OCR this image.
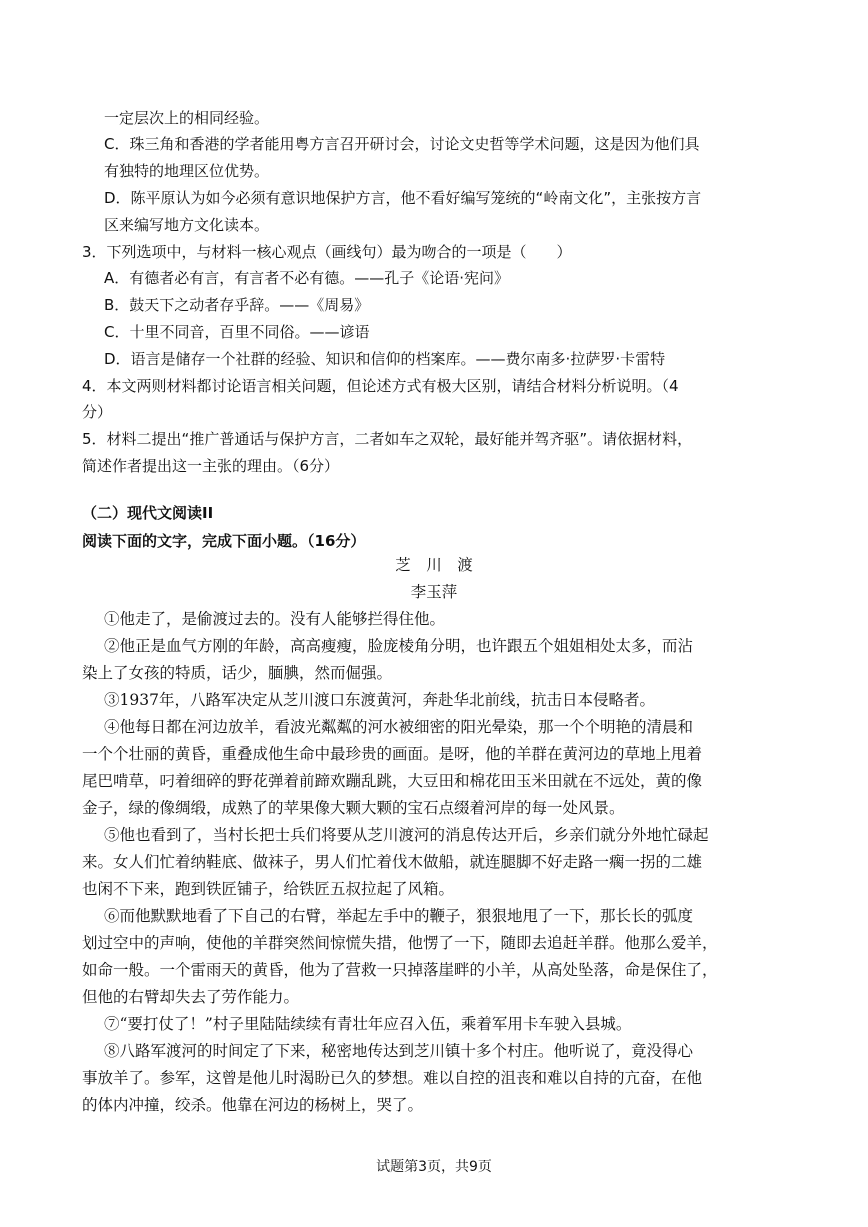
一定层次上的相同经验。
C．珠三角和香港的学者能用粤方言召开研讨会，讨论文史哲等学术问题，这是因为他们具
有独特的地理区位优势。
D．陈平原认为如今必须有意识地保护方言，他不看好编写笼统的“岭南文化”，主张按方言
区来编写地方文化读本。
3．下列选项中，与材料一核心观点（画线句）最为吻合的一项是（　　）
A．有德者必有言，有言者不必有德。——孔子《论语·宪问》
B．鼓天下之动者存乎辞。——《周易》
C．十里不同音，百里不同俗。——谚语
D．语言是储存一个社群的经验、知识和信仰的档案库。——费尔南多·拉萨罗·卡雷特
4．本文两则材料都讨论语言相关问题，但论述方式有极大区别，请结合材料分析说明。（4
分）
5．材料二提出“推广普通话与保护方言，二者如车之双轮，最好能并驾齐驱”。请依据材料，
简述作者提出这一主张的理由。（6分）
（二）现代文阅读II
阅读下面的文字，完成下面小题。（16分）
芝　川　渡
李玉萍
①他走了，是偷渡过去的。没有人能够拦得住他。
②他正是血气方刚的年龄，高高瘦瘦，脸庞棱角分明，也许跟五个姐姐相处太多，而沾
染上了女孩的特质，话少，腼腆，然而倔强。
③1937年，八路军决定从芝川渡口东渡黄河，奔赴华北前线，抗击日本侵略者。
④他每日都在河边放羊，看波光粼粼的河水被细密的阳光晕染，那一个个明艳的清晨和
一个个壮丽的黄昏，重叠成他生命中最珍贵的画面。是呀，他的羊群在黄河边的草地上甩着
尾巴啃草，叼着细碎的野花弹着前蹄欢蹦乱跳，大豆田和棉花田玉米田就在不远处，黄的像
金子，绿的像绸缎，成熟了的苹果像大颗大颗的宝石点缀着河岸的每一处风景。
⑤他也看到了，当村长把士兵们将要从芝川渡河的消息传达开后，乡亲们就分外地忙碌起
来。女人们忙着纳鞋底、做袜子，男人们忙着伐木做船，就连腿脚不好走路一瘸一拐的二雄
也闲不下来，跑到铁匠铺子，给铁匠五叔拉起了风箱。
⑥而他默默地看了下自己的右臂，举起左手中的鞭子，狠狠地甩了一下，那长长的弧度
划过空中的声响，使他的羊群突然间惊慌失措，他愣了一下，随即去追赶羊群。他那么爱羊，
如命一般。一个雷雨天的黄昏，他为了营救一只掉落崖畔的小羊，从高处坠落，命是保住了，
但他的右臂却失去了劳作能力。
⑦“要打仗了！”村子里陆陆续续有青壮年应召入伍，乘着军用卡车驶入县城。
⑧八路军渡河的时间定了下来，秘密地传达到芝川镇十多个村庄。他听说了，竟没得心
事放羊了。参军，这曾是他儿时渴盼已久的梦想。难以自控的沮丧和难以自持的亢奋，在他
的体内冲撞，绞杀。他靠在河边的杨树上，哭了。
试题第3页，共9页
